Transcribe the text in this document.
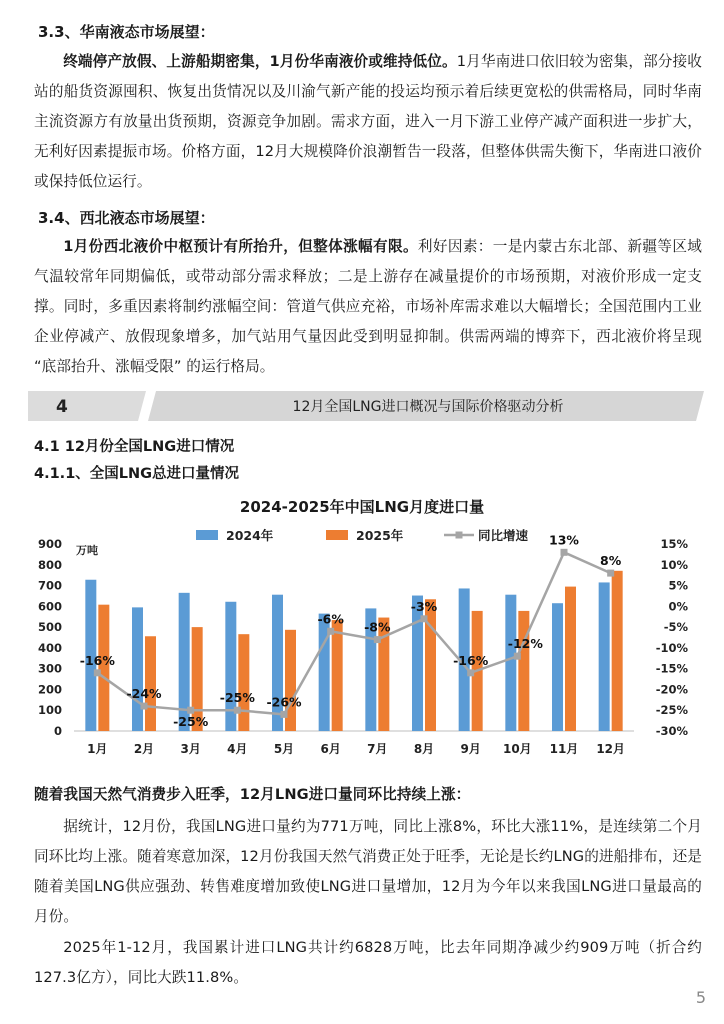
3.3、华南液态市场展望：
终端停产放假、上游船期密集，1月份华南液价或维持低位。1月华南进口依旧较为密集，部分接收站的船货资源囤积、恢复出货情况以及川渝气新产能的投运均预示着后续更宽松的供需格局，同时华南主流资源方有放量出货预期，资源竞争加剧。需求方面，进入一月下游工业停产减产面积进一步扩大，无利好因素提振市场。价格方面，12月大规模降价浪潮暂告一段落，但整体供需失衡下，华南进口液价或保持低位运行。
3.4、西北液态市场展望：
1月份西北液价中枢预计有所抬升，但整体涨幅有限。利好因素：一是内蒙古东北部、新疆等区域气温较常年同期偏低，或带动部分需求释放；二是上游存在减量提价的市场预期，对液价形成一定支撑。同时，多重因素将制约涨幅空间：管道气供应充裕，市场补库需求难以大幅增长；全国范围内工业企业停减产、放假现象增多，加气站用气量因此受到明显抑制。供需两端的博弈下，西北液价将呈现 “底部抬升、涨幅受限” 的运行格局。
4	12月全国LNG进口概况与国际价格驱动分析
4.1 12月份全国LNG进口情况
4.1.1、全国LNG总进口量情况
2024-2025年中国LNG月度进口量
0
100
200
300
400
500
600
700
800
900 万吨	15%
10%
5%
0%
-5%
-10%
-15%
-20%
-25%
-30%
1月 2月 3月 4月 5月 6月 7月 8月 9月 10月 11月 12月
-16%
-24%
-25%
-25% -26%
-6%
-8%
-3%
-16%
-12%
13%
8%
2024年	2025年	同比增速
随着我国天然气消费步入旺季，12月LNG进口量同环比持续上涨：
据统计，12月份，我国LNG进口量约为771万吨，同比上涨8%，环比大涨11%，是连续第二个月同环比均上涨。随着寒意加深，12月份我国天然气消费正处于旺季，无论是长约LNG的进船排布，还是随着美国LNG供应强劲、转售难度增加致使LNG进口量增加，12月为今年以来我国LNG进口量最高的月份。
2025年1-12月，我国累计进口LNG共计约6828万吨，比去年同期净减少约909万吨（折合约127.3亿方），同比大跌11.8%。
5
